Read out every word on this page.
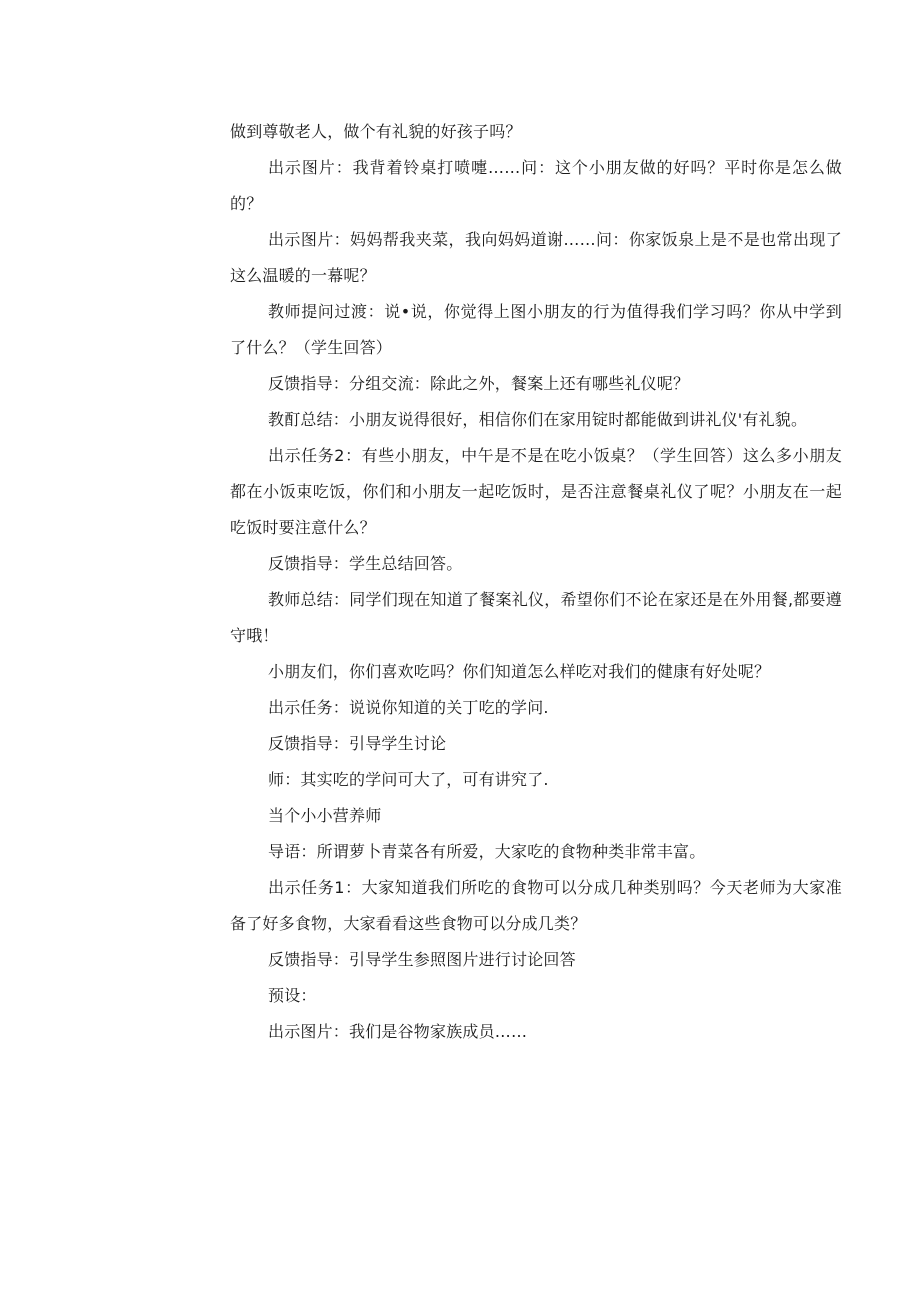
做到尊敬老人，做个有礼貌的好孩子吗？

出示图片：我背着铃桌打喷嚏……问：这个小朋友做的好吗？平时你是怎么做的？

出示图片：妈妈帮我夹菜，我向妈妈道谢……问：你家饭泉上是不是也常出现了这么温暖的一幕呢？

教师提问过渡：说•说，你觉得上图小朋友的行为值得我们学习吗？你从中学到了什么？（学生回答）

反馈指导：分组交流：除此之外，餐案上还有哪些礼仪呢？

教酊总结：小朋友说得很好，相信你们在家用锭时都能做到讲礼仪'有礼貌。

出示任务2：有些小朋友，中午是不是在吃小饭桌？（学生回答）这么多小朋友都在小饭束吃饭，你们和小朋友一起吃饭时，是否注意餐桌礼仪了呢？小朋友在一起吃饭时要注意什么？

反馈指导：学生总结回答。

教师总结：同学们现在知道了餐案礼仪，希望你们不论在家还是在外用餐,都要遵守哦！

小朋友们，你们喜欢吃吗？你们知道怎么样吃对我们的健康有好处呢？

出示任务：说说你知道的关丁吃的学问.

反馈指导：引导学生讨论

师：其实吃的学问可大了，可有讲究了.

当个小小营养师

导语：所谓萝卜青菜各有所爱，大家吃的食物种类非常丰富。

出示任务1：大家知道我们所吃的食物可以分成几种类别吗？今天老师为大家准备了好多食物，大家看看这些食物可以分成几类？

反馈指导：引导学生参照图片进行讨论回答

预设：

出示图片：我们是谷物家族成员……
